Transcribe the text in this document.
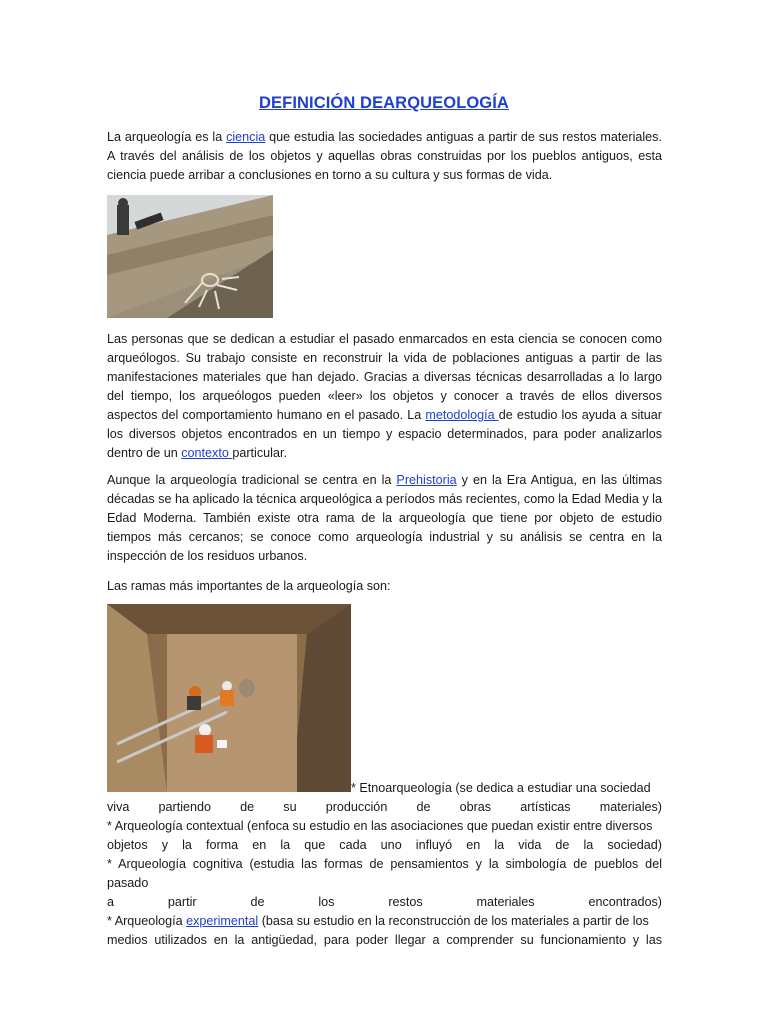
DEFINICIÓN DEARQUEOLOGÍA

La arqueología es la ciencia que estudia las sociedades antiguas a partir de sus restos materiales. A través del análisis de los objetos y aquellas obras construidas por los pueblos antiguos, esta ciencia puede arribar a conclusiones en torno a su cultura y sus formas de vida.

Las personas que se dedican a estudiar el pasado enmarcados en esta ciencia se conocen como arqueólogos. Su trabajo consiste en reconstruir la vida de poblaciones antiguas a partir de las manifestaciones materiales que han dejado. Gracias a diversas técnicas desarrolladas a lo largo del tiempo, los arqueólogos pueden «leer» los objetos y conocer a través de ellos diversos aspectos del comportamiento humano en el pasado. La metodología de estudio los ayuda a situar los diversos objetos encontrados en un tiempo y espacio determinados, para poder analizarlos dentro de un contexto particular.

Aunque la arqueología tradicional se centra en la Prehistoria y en la Era Antigua, en las últimas décadas se ha aplicado la técnica arqueológica a períodos más recientes, como la Edad Media y la Edad Moderna. También existe otra rama de la arqueología que tiene por objeto de estudio tiempos más cercanos; se conoce como arqueología industrial y su análisis se centra en la inspección de los residuos urbanos.

Las ramas más importantes de la arqueología son:

* Etnoarqueología (se dedica a estudiar una sociedad
viva partiendo de su producción de obras artísticas materiales)
* Arqueología contextual (enfoca su estudio en las asociaciones que puedan existir entre diversos
objetos y la forma en la que cada uno influyó en la vida de la sociedad)
* Arqueología cognitiva (estudia las formas de pensamientos y la simbología de pueblos del pasado
a partir de los restos materiales encontrados)
* Arqueología experimental (basa su estudio en la reconstrucción de los materiales a partir de los
medios utilizados en la antigüedad, para poder llegar a comprender su funcionamiento y las
